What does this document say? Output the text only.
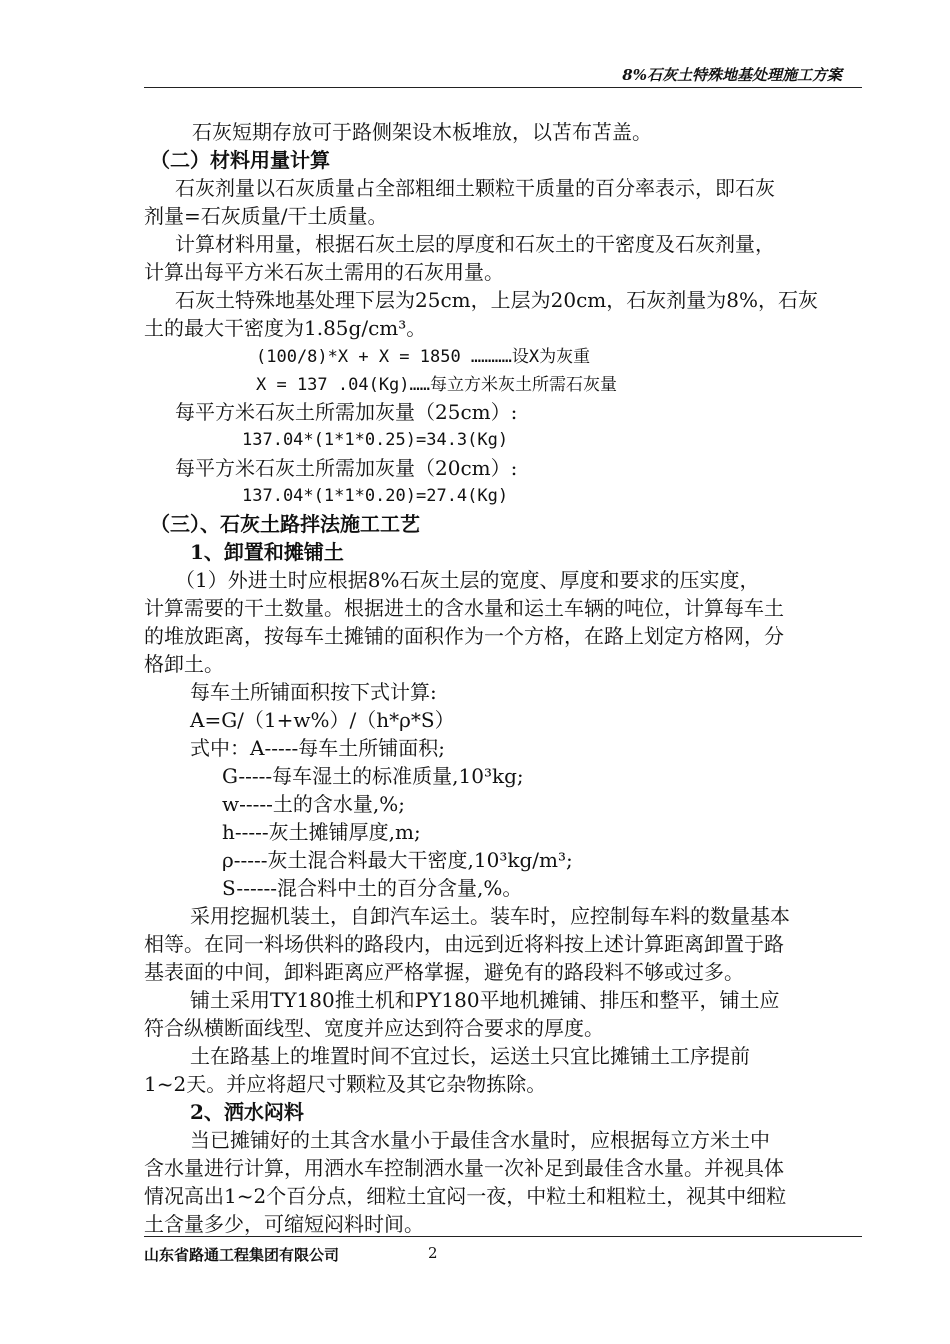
8%石灰土特殊地基处理施工方案
石灰短期存放可于路侧架设木板堆放，以苫布苫盖。
（二）材料用量计算
石灰剂量以石灰质量占全部粗细土颗粒干质量的百分率表示，即石灰
剂量=石灰质量/干土质量。
计算材料用量，根据石灰土层的厚度和石灰土的干密度及石灰剂量，
计算出每平方米石灰土需用的石灰用量。
石灰土特殊地基处理下层为25cm，上层为20cm，石灰剂量为8%，石灰
土的最大干密度为1.85g/cm³。
(100/8)*X + X = 1850 …………设X为灰重
X = 137 .04(Kg)……每立方米灰土所需石灰量
每平方米石灰土所需加灰量（25cm）:
137.04*(1*1*0.25)=34.3(Kg)
每平方米石灰土所需加灰量（20cm）:
137.04*(1*1*0.20)=27.4(Kg)
（三）、石灰土路拌法施工工艺
1、卸置和摊铺土
（1）外进土时应根据8%石灰土层的宽度、厚度和要求的压实度，
计算需要的干土数量。根据进土的含水量和运土车辆的吨位，计算每车土
的堆放距离，按每车土摊铺的面积作为一个方格，在路上划定方格网，分
格卸土。
每车土所铺面积按下式计算:
A=G/（1+w%）/（h*ρ*S）
式中：A-----每车土所铺面积;
G-----每车湿土的标准质量,10³kg;
w-----土的含水量,%;
h-----灰土摊铺厚度,m;
ρ-----灰土混合料最大干密度,10³kg/m³;
S------混合料中土的百分含量,%。
采用挖掘机装土，自卸汽车运土。装车时，应控制每车料的数量基本
相等。在同一料场供料的路段内，由远到近将料按上述计算距离卸置于路
基表面的中间，卸料距离应严格掌握，避免有的路段料不够或过多。
铺土采用TY180推土机和PY180平地机摊铺、排压和整平，铺土应
符合纵横断面线型、宽度并应达到符合要求的厚度。
土在路基上的堆置时间不宜过长，运送土只宜比摊铺土工序提前
1~2天。并应将超尺寸颗粒及其它杂物拣除。
2、洒水闷料
当已摊铺好的土其含水量小于最佳含水量时，应根据每立方米土中
含水量进行计算，用洒水车控制洒水量一次补足到最佳含水量。并视具体
情况高出1~2个百分点，细粒土宜闷一夜，中粒土和粗粒土，视其中细粒
土含量多少，可缩短闷料时间。
山东省路通工程集团有限公司	2
